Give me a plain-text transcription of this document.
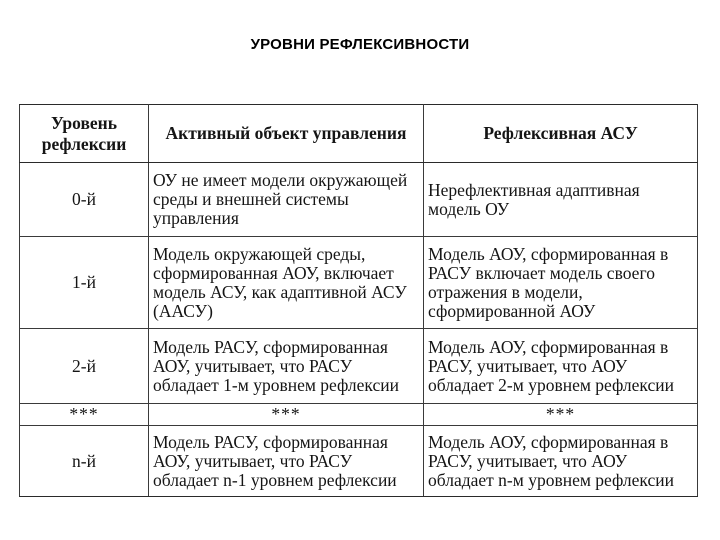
УРОВНИ РЕФЛЕКСИВНОСТИ
Уровень рефлексии	Активный объект управления	Рефлексивная АСУ
0-й	ОУ не имеет модели окружающей среды и внешней системы управления	Нерефлективная адаптивная модель ОУ
1-й	Модель окружающей среды, сформированная АОУ, включает модель АСУ, как адаптивной АСУ (ААСУ)	Модель АОУ, сформированная в РАСУ включает модель своего отражения в модели, сформированной АОУ
2-й	Модель РАСУ, сформированная АОУ, учитывает, что РАСУ обладает 1-м уровнем рефлексии	Модель АОУ, сформированная в РАСУ, учитывает, что АОУ обладает 2-м уровнем рефлексии
***	***	***
n-й	Модель РАСУ, сформированная АОУ, учитывает, что РАСУ обладает n-1 уровнем рефлексии	Модель АОУ, сформированная в РАСУ, учитывает, что АОУ обладает n-м уровнем рефлексии
